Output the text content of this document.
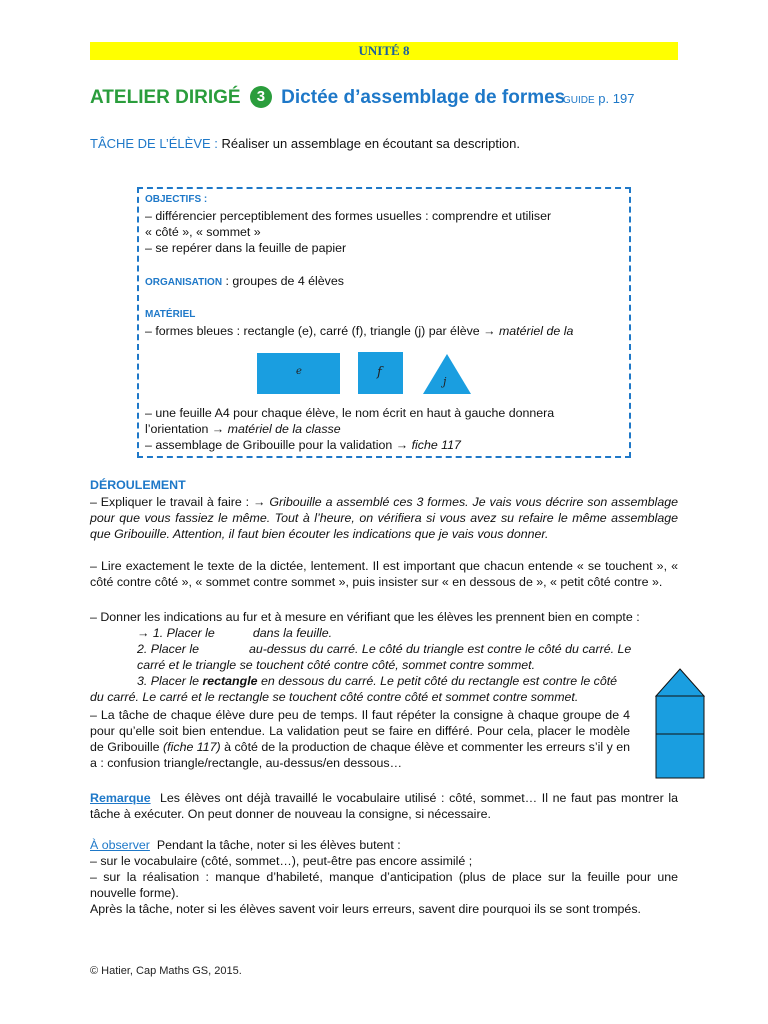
UNITÉ 8
ATELIER DIRIGÉ 3 Dictée d’assemblage de formes
GUIDE p. 197
TÂCHE DE L’ÉLÈVE : Réaliser un assemblage en écoutant sa description.
OBJECTIFS :
– différencier perceptiblement des formes usuelles : comprendre et utiliser
« côté », « sommet »
– se repérer dans la feuille de papier
ORGANISATION : groupes de 4 élèves
MATÉRIEL
– formes bleues : rectangle (e), carré (f), triangle (j) par élève → matériel de la
e	f
j
– une feuille A4 pour chaque élève, le nom écrit en haut à gauche donnera
l’orientation → matériel de la classe
– assemblage de Gribouille pour la validation → fiche 117
DÉROULEMENT
– Expliquer le travail à faire : → Gribouille a assemblé ces 3 formes. Je vais vous décrire son assemblage pour que vous fassiez le même. Tout à l’heure, on vérifiera si vous avez su refaire le même assemblage que Gribouille. Attention, il faut bien écouter les indications que je vais vous donner.
– Lire exactement le texte de la dictée, lentement. Il est important que chacun entende « se touchent », « côté contre côté », « sommet contre sommet », puis insister sur « en dessous de », « petit côté contre ».
– Donner les indications au fur et à mesure en vérifiant que les élèves les prennent bien en compte :
→ 1. Placer le	dans la feuille.
2. Placer le	au-dessus du carré. Le côté du triangle est contre le côté du carré. Le
carré et le triangle se touchent côté contre côté, sommet contre sommet.
3. Placer le rectangle en dessous du carré. Le petit côté du rectangle est contre le côté
du carré. Le carré et le rectangle se touchent côté contre côté et sommet contre sommet.
– La tâche de chaque élève dure peu de temps. Il faut répéter la consigne à chaque groupe de 4 pour qu’elle soit bien entendue. La validation peut se faire en différé. Pour cela, placer le modèle de Gribouille (fiche 117) à côté de la production de chaque élève et commenter les erreurs s’il y en a : confusion triangle/rectangle, au-dessus/en dessous…
Remarque Les élèves ont déjà travaillé le vocabulaire utilisé : côté, sommet… Il ne faut pas montrer la tâche à exécuter. On peut donner de nouveau la consigne, si nécessaire.
À observer Pendant la tâche, noter si les élèves butent :
– sur le vocabulaire (côté, sommet…), peut-être pas encore assimilé ;
– sur la réalisation : manque d’habileté, manque d’anticipation (plus de place sur la feuille pour une nouvelle forme).
Après la tâche, noter si les élèves savent voir leurs erreurs, savent dire pourquoi ils se sont trompés.
© Hatier, Cap Maths GS, 2015.
